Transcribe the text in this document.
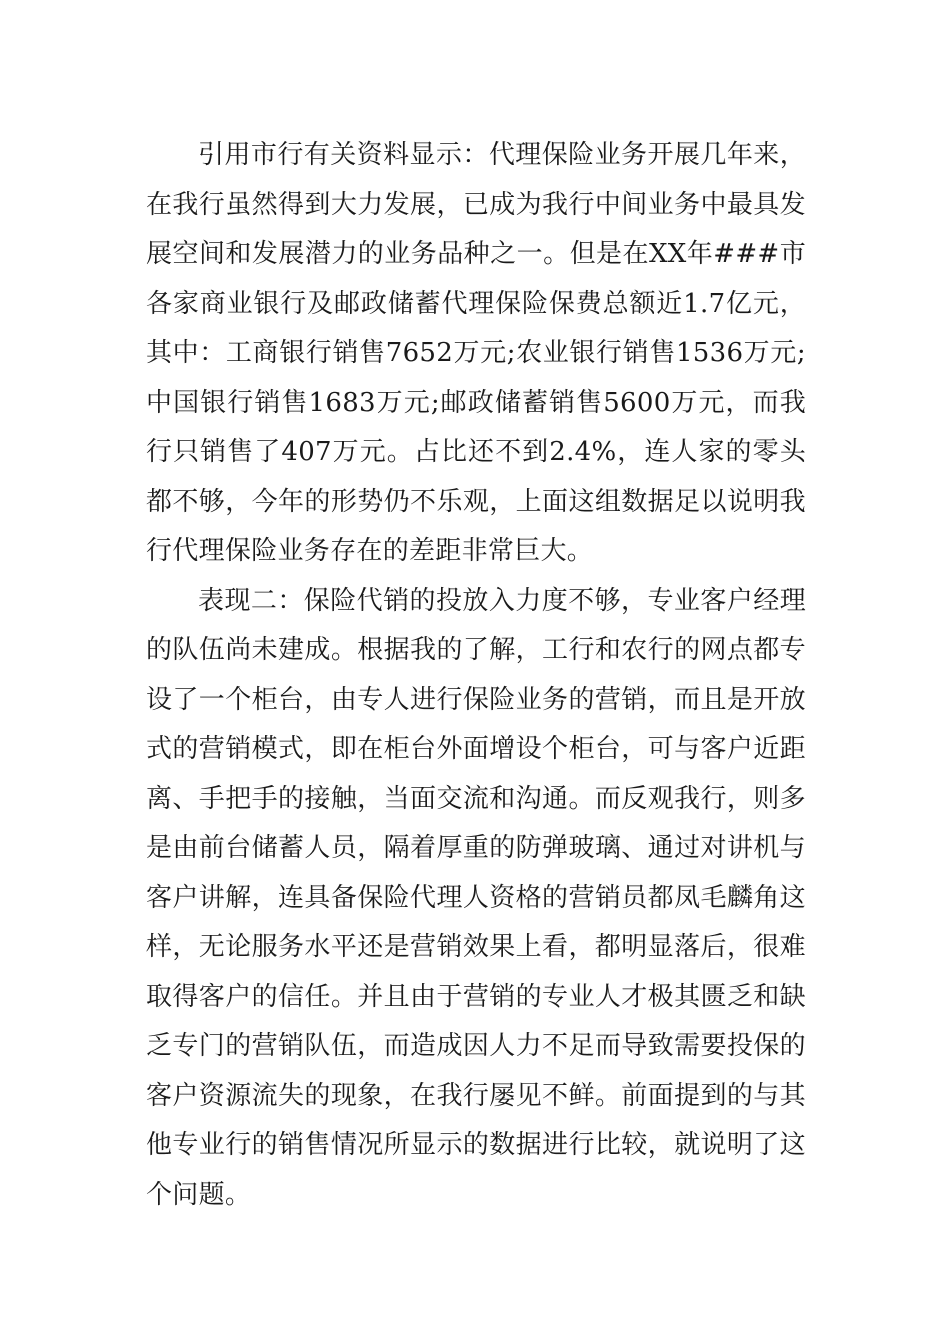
引用市行有关资料显示：代理保险业务开展几年来，在我行虽然得到大力发展，已成为我行中间业务中最具发展空间和发展潜力的业务品种之一。但是在XX年###市各家商业银行及邮政储蓄代理保险保费总额近1.7亿元，其中：工商银行销售7652万元;农业银行销售1536万元;中国银行销售1683万元;邮政储蓄销售5600万元，而我行只销售了407万元。占比还不到2.4%，连人家的零头都不够，今年的形势仍不乐观，上面这组数据足以说明我行代理保险业务存在的差距非常巨大。

表现二：保险代销的投放入力度不够，专业客户经理的队伍尚未建成。根据我的了解，工行和农行的网点都专设了一个柜台，由专人进行保险业务的营销，而且是开放式的营销模式，即在柜台外面增设个柜台，可与客户近距离、手把手的接触，当面交流和沟通。而反观我行，则多是由前台储蓄人员，隔着厚重的防弹玻璃、通过对讲机与客户讲解，连具备保险代理人资格的营销员都凤毛麟角这样，无论服务水平还是营销效果上看，都明显落后，很难取得客户的信任。并且由于营销的专业人才极其匮乏和缺乏专门的营销队伍，而造成因人力不足而导致需要投保的客户资源流失的现象，在我行屡见不鲜。前面提到的与其他专业行的销售情况所显示的数据进行比较，就说明了这个问题。
